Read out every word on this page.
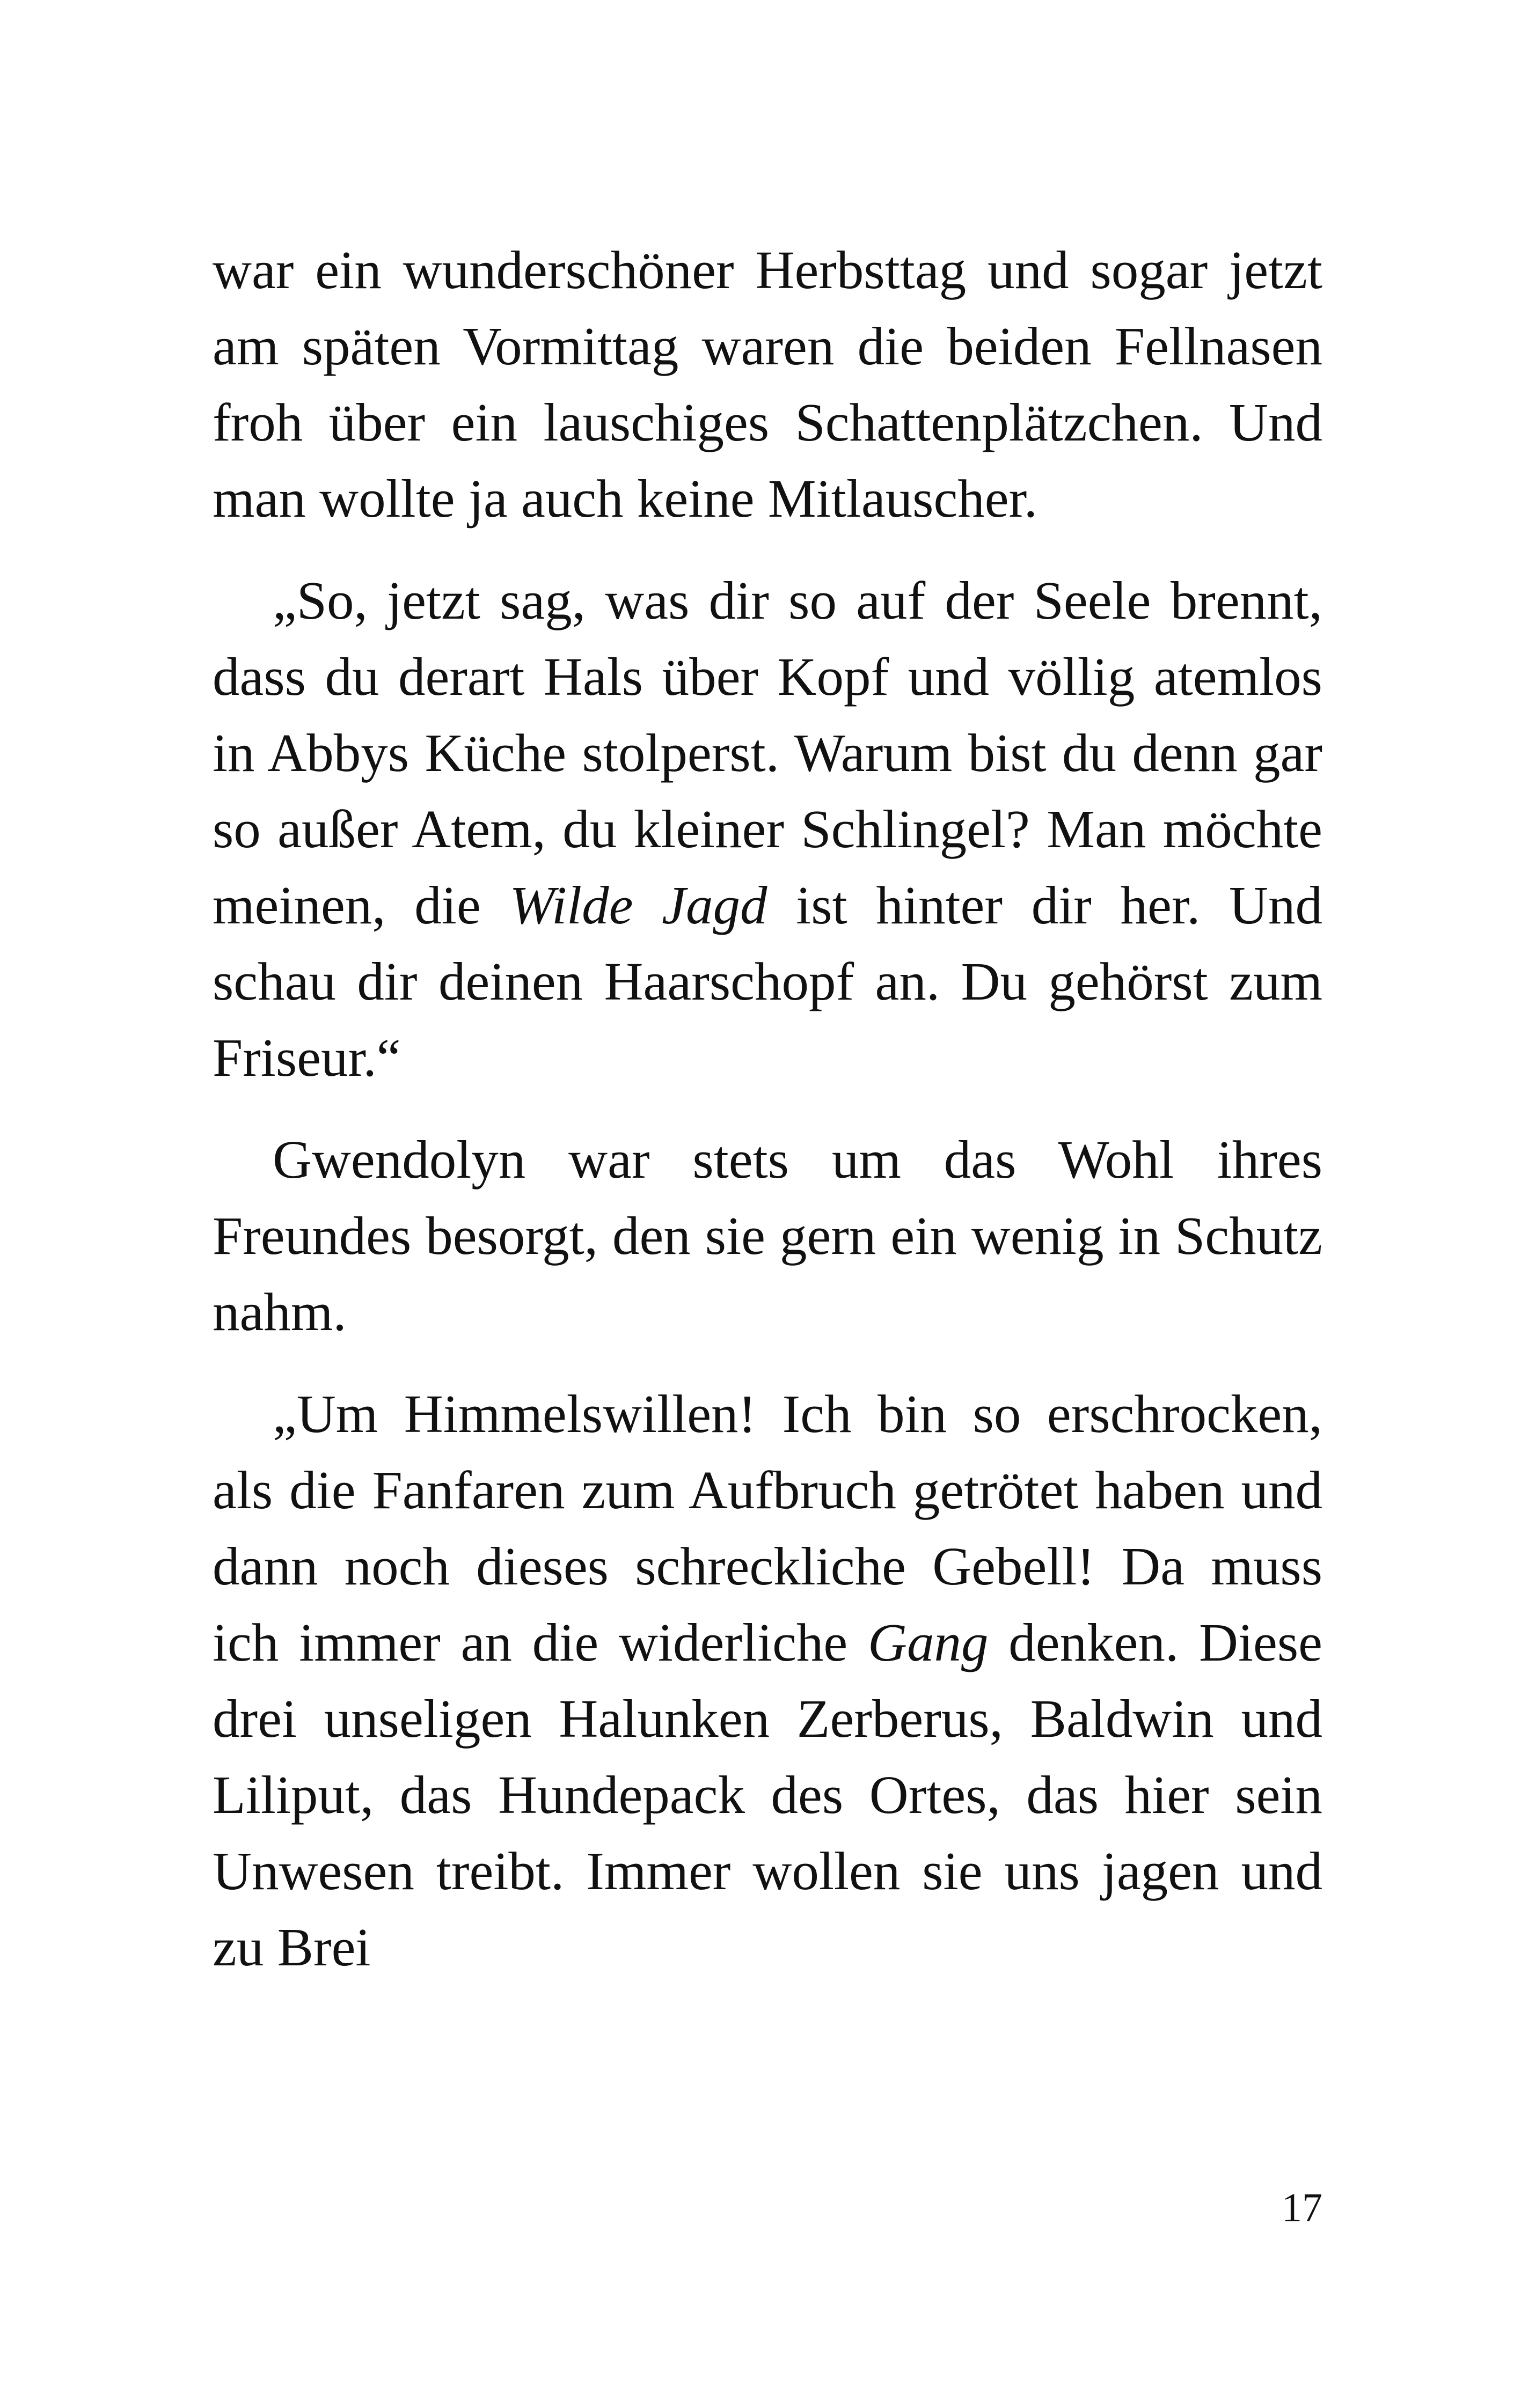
war ein wunderschöner Herbsttag und sogar jetzt am späten Vormittag waren die beiden Fellnasen froh über ein lauschiges Schattenplätzchen. Und man wollte ja auch keine Mitlauscher.

„So, jetzt sag, was dir so auf der Seele brennt, dass du derart Hals über Kopf und völlig atemlos in Abbys Küche stolperst. Warum bist du denn gar so außer Atem, du kleiner Schlingel? Man möchte meinen, die Wilde Jagd ist hinter dir her. Und schau dir deinen Haarschopf an. Du gehörst zum Friseur.“

Gwendolyn war stets um das Wohl ihres Freundes besorgt, den sie gern ein wenig in Schutz nahm.

„Um Himmelswillen! Ich bin so erschrocken, als die Fanfaren zum Aufbruch getrötet haben und dann noch dieses schreckliche Gebell! Da muss ich immer an die widerliche Gang denken. Diese drei unseligen Halunken Zerberus, Baldwin und Liliput, das Hundepack des Ortes, das hier sein Unwesen treibt. Immer wollen sie uns jagen und zu Brei

17
